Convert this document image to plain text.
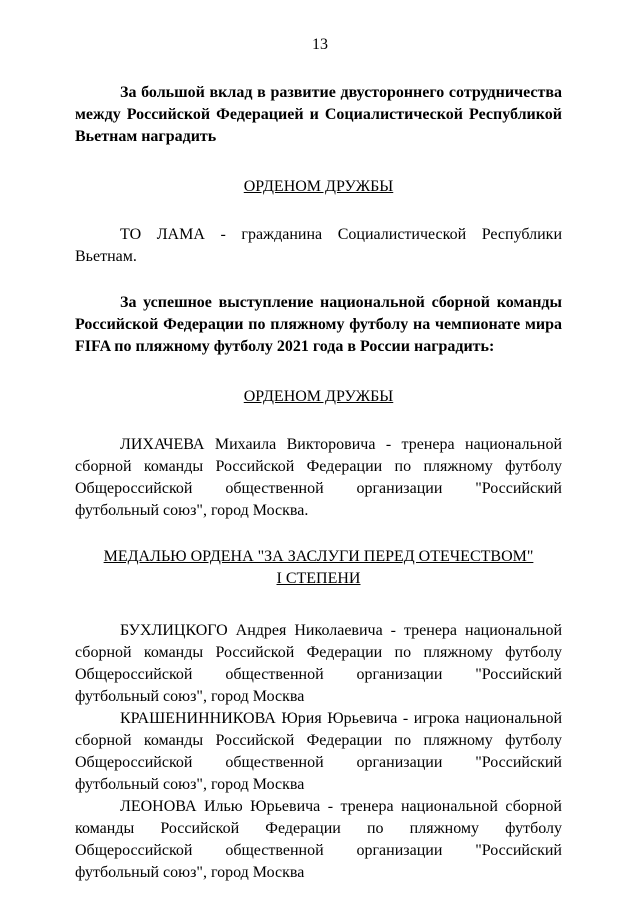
13

За большой вклад в развитие двустороннего сотрудничества между Российской Федерацией и Социалистической Республикой Вьетнам наградить

ОРДЕНОМ ДРУЖБЫ

ТО ЛАМА - гражданина Социалистической Республики Вьетнам.

За успешное выступление национальной сборной команды Российской Федерации по пляжному футболу на чемпионате мира FIFA по пляжному футболу 2021 года в России наградить:

ОРДЕНОМ ДРУЖБЫ

ЛИХАЧЕВА Михаила Викторовича - тренера национальной сборной команды Российской Федерации по пляжному футболу Общероссийской общественной организации "Российский футбольный союз", город Москва.

МЕДАЛЬЮ ОРДЕНА "ЗА ЗАСЛУГИ ПЕРЕД ОТЕЧЕСТВОМ"
I СТЕПЕНИ

БУХЛИЦКОГО Андрея Николаевича - тренера национальной сборной команды Российской Федерации по пляжному футболу Общероссийской общественной организации "Российский футбольный союз", город Москва

КРАШЕНИННИКОВА Юрия Юрьевича - игрока национальной сборной команды Российской Федерации по пляжному футболу Общероссийской общественной организации "Российский футбольный союз", город Москва

ЛЕОНОВА Илью Юрьевича - тренера национальной сборной команды Российской Федерации по пляжному футболу Общероссийской общественной организации "Российский футбольный союз", город Москва
